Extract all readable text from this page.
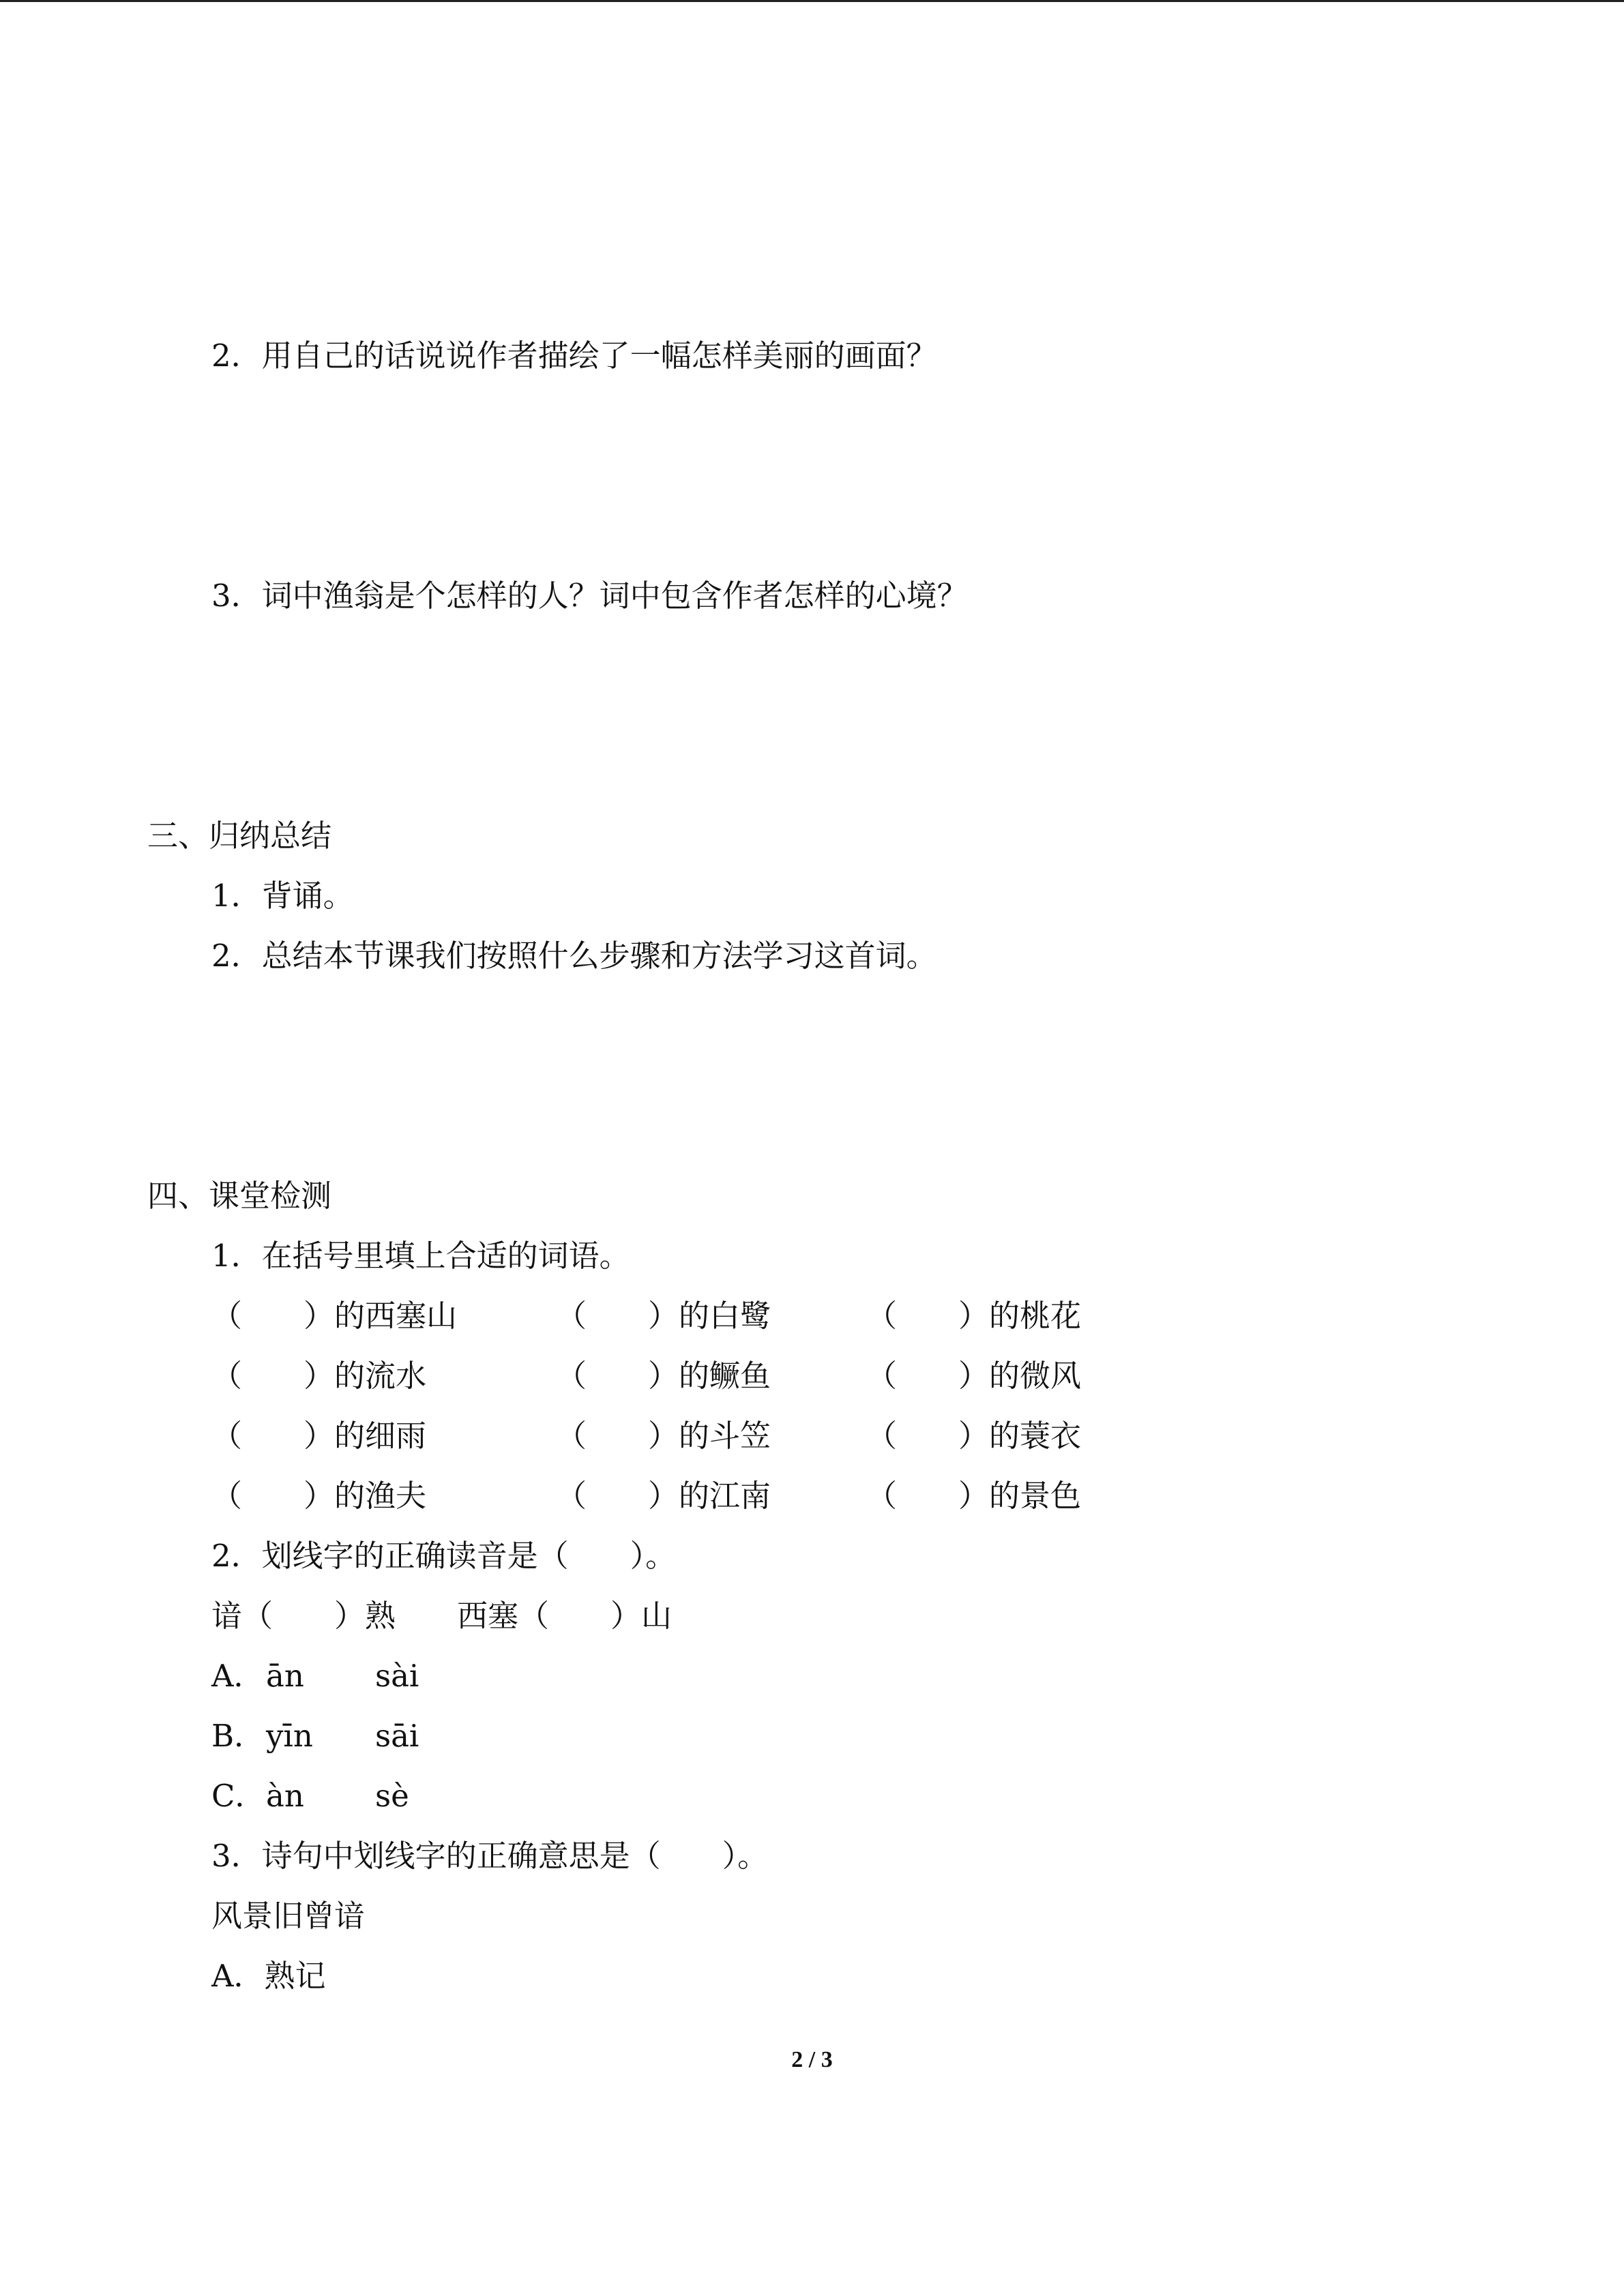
2．用自己的话说说作者描绘了一幅怎样美丽的画面？
3．词中渔翁是个怎样的人？词中包含作者怎样的心境？
三、归纳总结
1．背诵。
2．总结本节课我们按照什么步骤和方法学习这首词。
四、课堂检测
1．在括号里填上合适的词语。
（　　）的西塞山	（　　）的白鹭	（　　）的桃花
（　　）的流水	（　　）的鳜鱼	（　　）的微风
（　　）的细雨	（　　）的斗笠	（　　）的蓑衣
（　　）的渔夫	（　　）的江南	（　　）的景色
2．划线字的正确读音是（　　）。
谙（　　）熟　　西塞（　　）山
A．ān sài
B．yīn sāi
C．àn sè
3．诗句中划线字的正确意思是（　　）。
风景旧曾谙
A．熟记
2 / 3
